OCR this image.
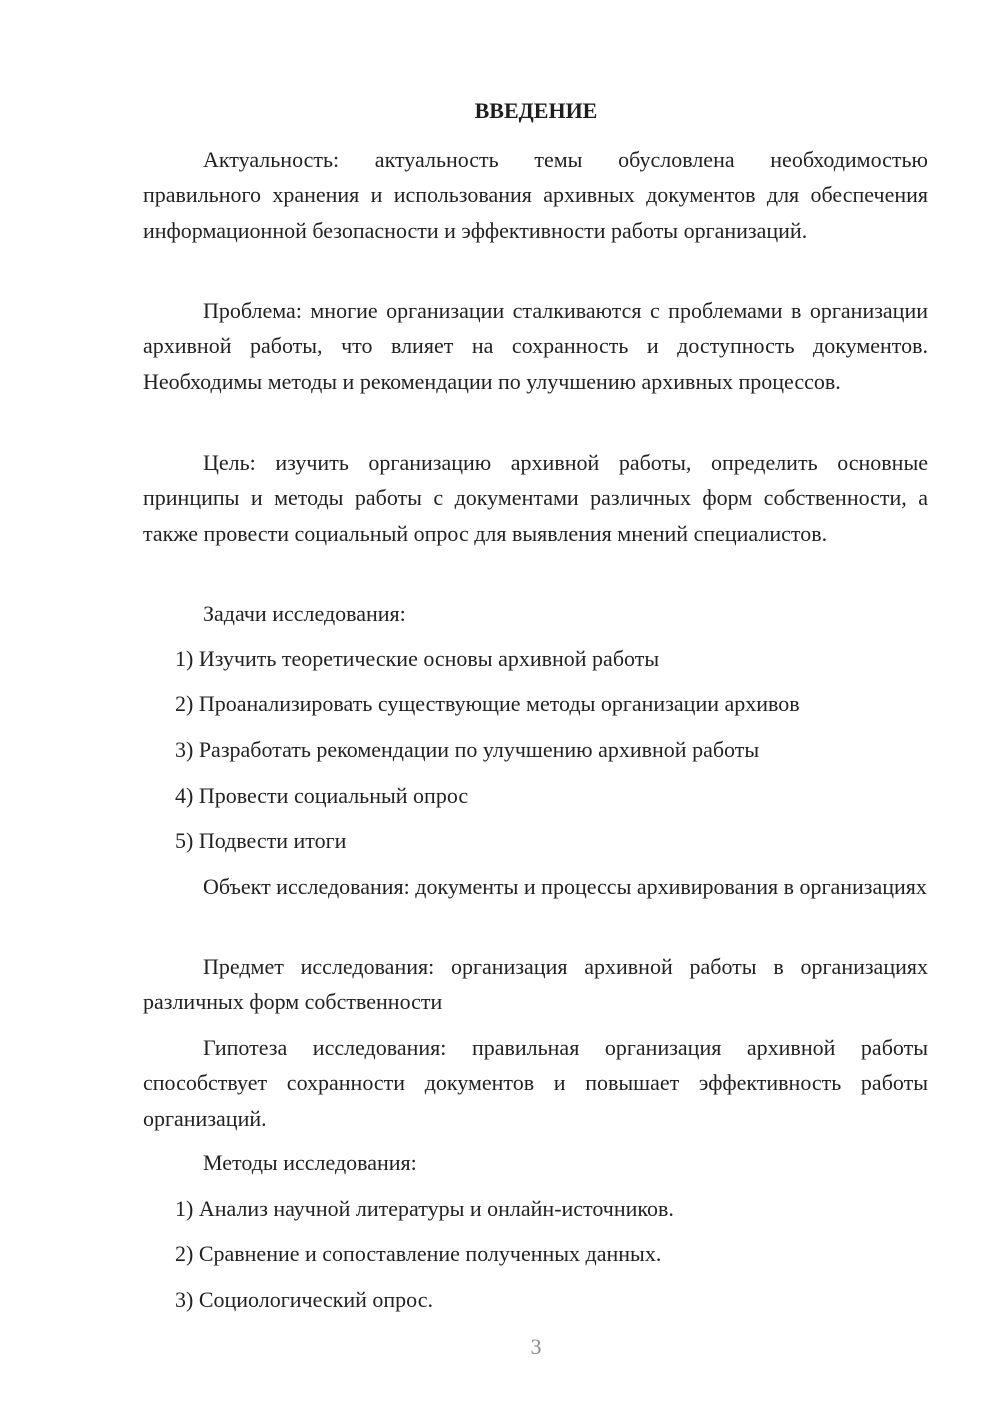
ВВЕДЕНИЕ

Актуальность: актуальность темы обусловлена необходимостью правильного хранения и использования архивных документов для обеспечения информационной безопасности и эффективности работы организаций.

Проблема: многие организации сталкиваются с проблемами в организации архивной работы, что влияет на сохранность и доступность документов. Необходимы методы и рекомендации по улучшению архивных процессов.

Цель: изучить организацию архивной работы, определить основные принципы и методы работы с документами различных форм собственности, а также провести социальный опрос для выявления мнений специалистов.

Задачи исследования:
1) Изучить теоретические основы архивной работы
2) Проанализировать существующие методы организации архивов
3) Разработать рекомендации по улучшению архивной работы
4) Провести социальный опрос
5) Подвести итоги

Объект исследования: документы и процессы архивирования в организациях

Предмет исследования: организация архивной работы в организациях различных форм собственности

Гипотеза исследования: правильная организация архивной работы способствует сохранности документов и повышает эффективность работы организаций.

Методы исследования:
1) Анализ научной литературы и онлайн-источников.
2) Сравнение и сопоставление полученных данных.
3) Социологический опрос.
3
